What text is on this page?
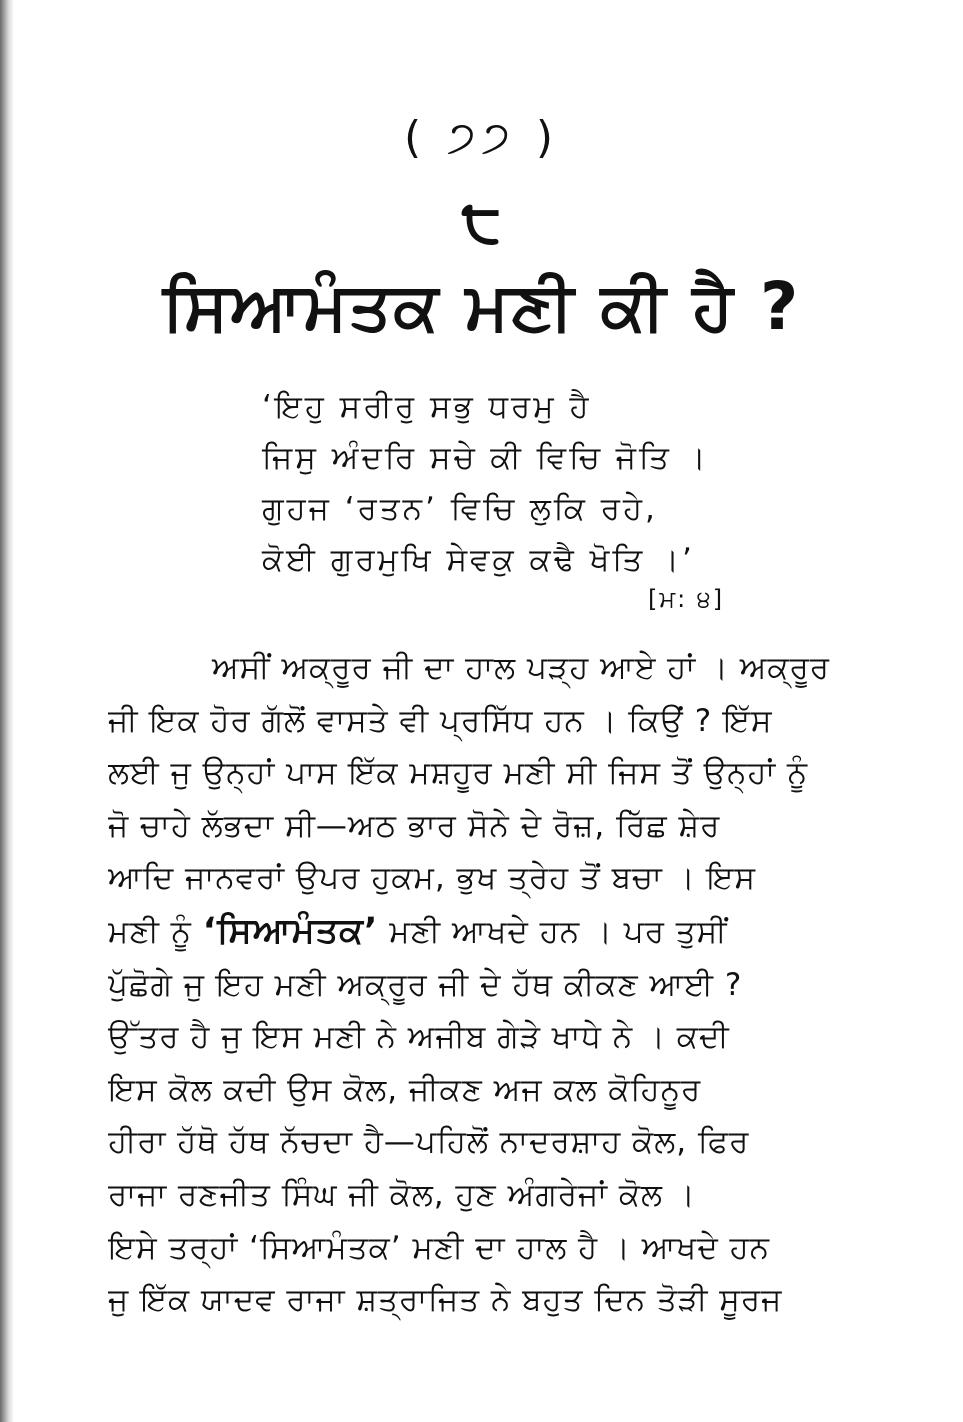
( ੭੭ )
੮
ਸਿਆਮੰਤਕ ਮਣੀ ਕੀ ਹੈ ?
‘ਇਹੁ ਸਰੀਰੁ ਸਭੁ ਧਰਮੁ ਹੈ
ਜਿਸੁ ਅੰਦਰਿ ਸਚੇ ਕੀ ਵਿਚਿ ਜੋਤਿ ।
ਗੁਹਜ ‘ਰਤਨ’ ਵਿਚਿ ਲੁਕਿ ਰਹੇ,
ਕੋਈ ਗੁਰਮੁਖਿ ਸੇਵਕੁ ਕਢੈ ਖੋਤਿ ।’
[ਮ: ੪]
ਅਸੀਂ ਅਕ੍ਰੂਰ ਜੀ ਦਾ ਹਾਲ ਪੜ੍ਹ ਆਏ ਹਾਂ । ਅਕ੍ਰੂਰ
ਜੀ ਇਕ ਹੋਰ ਗੱਲੋਂ ਵਾਸਤੇ ਵੀ ਪ੍ਰਸਿੱਧ ਹਨ । ਕਿਉਂ ? ਇੱਸ
ਲਈ ਜੁ ਉਨ੍ਹਾਂ ਪਾਸ ਇੱਕ ਮਸ਼ਹੂਰ ਮਣੀ ਸੀ ਜਿਸ ਤੋਂ ਉਨ੍ਹਾਂ ਨੂੰ
ਜੋ ਚਾਹੇ ਲੱਭਦਾ ਸੀ—ਅਠ ਭਾਰ ਸੋਨੇ ਦੇ ਰੋਜ਼, ਰਿੱਛ ਸ਼ੇਰ
ਆਦਿ ਜਾਨਵਰਾਂ ਉਪਰ ਹੁਕਮ, ਭੁਖ ਤ੍ਰੇਹ ਤੋਂ ਬਚਾ । ਇਸ
ਮਣੀ ਨੂੰ ‘ਸਿਆਮੰਤਕ’ ਮਣੀ ਆਖਦੇ ਹਨ । ਪਰ ਤੁਸੀਂ
ਪੁੱਛੋਗੇ ਜੁ ਇਹ ਮਣੀ ਅਕ੍ਰੂਰ ਜੀ ਦੇ ਹੱਥ ਕੀਕਣ ਆਈ ?
ਉੱਤਰ ਹੈ ਜੁ ਇਸ ਮਣੀ ਨੇ ਅਜੀਬ ਗੇੜੇ ਖਾਧੇ ਨੇ । ਕਦੀ
ਇਸ ਕੋਲ ਕਦੀ ਉਸ ਕੋਲ, ਜੀਕਣ ਅਜ ਕਲ ਕੋਹਿਨੂਰ
ਹੀਰਾ ਹੱਥੋ ਹੱਥ ਨੱਚਦਾ ਹੈ—ਪਹਿਲੋਂ ਨਾਦਰਸ਼ਾਹ ਕੋਲ, ਫਿਰ
ਰਾਜਾ ਰਣਜੀਤ ਸਿੰਘ ਜੀ ਕੋਲ, ਹੁਣ ਅੰਗਰੇਜਾਂ ਕੋਲ ।
ਇਸੇ ਤਰ੍ਹਾਂ ‘ਸਿਆਮੰਤਕ’ ਮਣੀ ਦਾ ਹਾਲ ਹੈ । ਆਖਦੇ ਹਨ
ਜੁ ਇੱਕ ਯਾਦਵ ਰਾਜਾ ਸ਼ਤ੍ਰਾਜਿਤ ਨੇ ਬਹੁਤ ਦਿਨ ਤੋੜੀ ਸੂਰਜ
